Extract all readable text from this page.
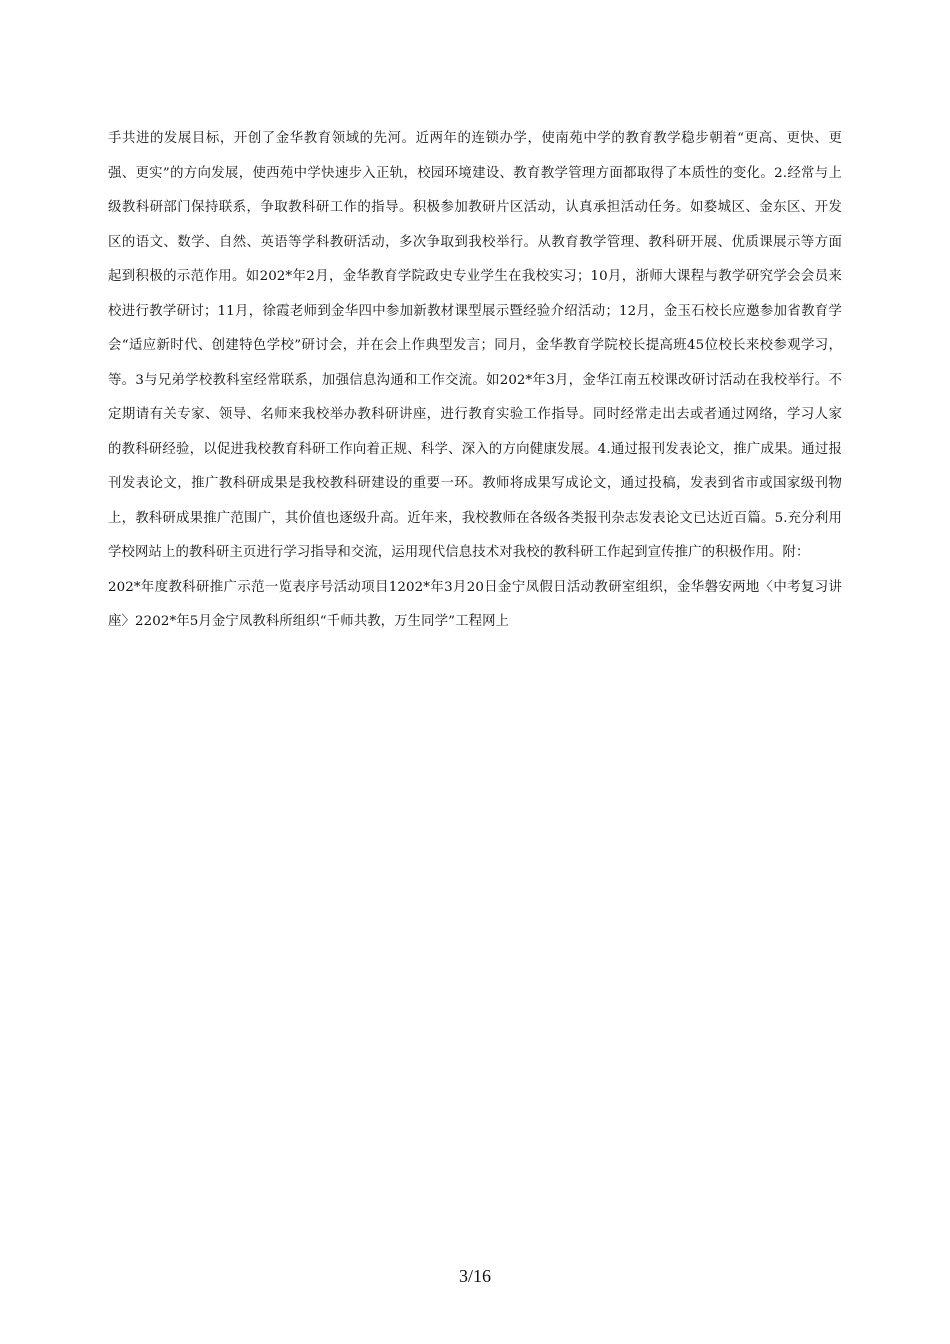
手共进的发展目标，开创了金华教育领域的先河。近两年的连锁办学，使南苑中学的教育教学稳步朝着“更高、更快、更
强、更实”的方向发展，使西苑中学快速步入正轨，校园环境建设、教育教学管理方面都取得了本质性的变化。2.经常与上
级教科研部门保持联系，争取教科研工作的指导。积极参加教研片区活动，认真承担活动任务。如婺城区、金东区、开发
区的语文、数学、自然、英语等学科教研活动，多次争取到我校举行。从教育教学管理、教科研开展、优质课展示等方面
起到积极的示范作用。如202*年2月，金华教育学院政史专业学生在我校实习；10月，浙师大课程与教学研究学会会员来
校进行教学研讨；11月，徐霞老师到金华四中参加新教材课型展示暨经验介绍活动；12月，金玉石校长应邀参加省教育学
会“适应新时代、创建特色学校”研讨会，并在会上作典型发言；同月，金华教育学院校长提高班45位校长来校参观学习，
等。3与兄弟学校教科室经常联系，加强信息沟通和工作交流。如202*年3月，金华江南五校课改研讨活动在我校举行。不
定期请有关专家、领导、名师来我校举办教科研讲座，进行教育实验工作指导。同时经常走出去或者通过网络，学习人家
的教科研经验，以促进我校教育科研工作向着正规、科学、深入的方向健康发展。4.通过报刊发表论文，推广成果。通过报
刊发表论文，推广教科研成果是我校教科研建设的重要一环。教师将成果写成论文，通过投稿，发表到省市或国家级刊物
上，教科研成果推广范围广，其价值也逐级升高。近年来，我校教师在各级各类报刊杂志发表论文已达近百篇。5.充分利用
学校网站上的教科研主页进行学习指导和交流，运用现代信息技术对我校的教科研工作起到宣传推广的积极作用。附：
202*年度教科研推广示范一览表序号活动项目1202*年3月20日金宁凤假日活动教研室组织，金华磐安两地〈中考复习讲
座〉2202*年5月金宁凤教科所组织“千师共教，万生同学”工程网上
3/16
